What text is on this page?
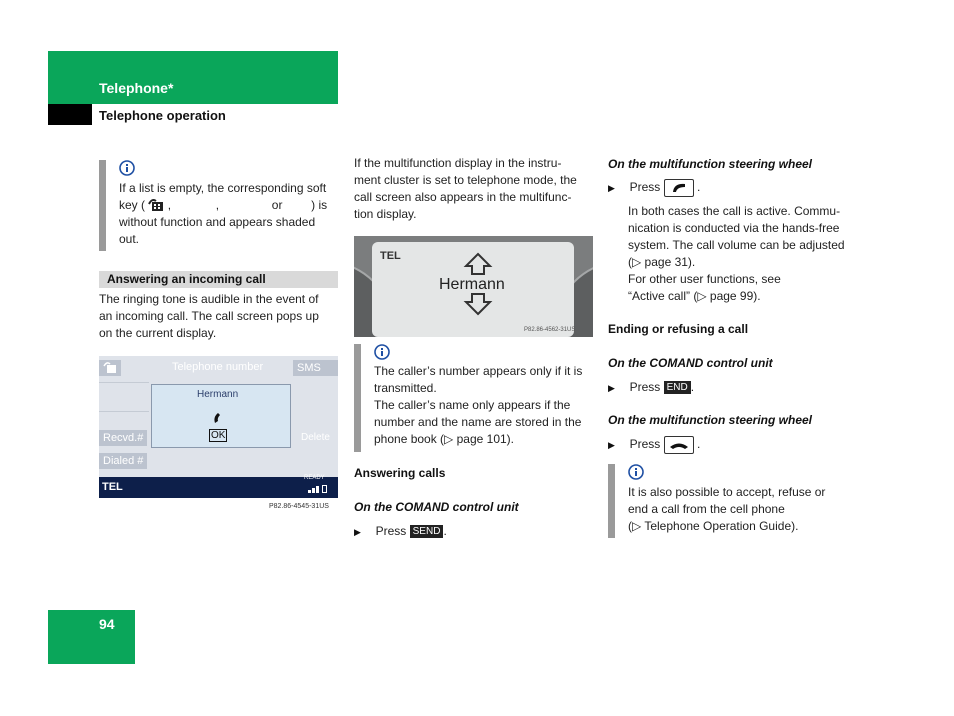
Telephone*
Telephone operation
If a list is empty, the corresponding soft
key ( ,	,	or ) is
without function and appears shaded
out.
Answering an incoming call
The ringing tone is audible in the event of
an incoming call. The call screen pops up
on the current display.
Telephone number	SMS
Recvd.#
Dialed #
Delete
Hermann
OK
TEL
READY
P82.86-4545-31US
If the multifunction display in the instru-
ment cluster is set to telephone mode, the
call screen also appears in the multifunc-
tion display.
TEL
Hermann
P82.86-4562-31US
The caller’s number appears only if it is
transmitted.
The caller’s name only appears if the
number and the name are stored in the
phone book (▷ page 101).
Answering calls
On the COMAND control unit
▶ Press SEND .
On the multifunction steering wheel
▶ Press	.
In both cases the call is active. Commu-
nication is conducted via the hands-free
system. The call volume can be adjusted
(▷ page 31).
For other user functions, see
“Active call” (▷ page 99).
Ending or refusing a call
On the COMAND control unit
▶ Press END .
On the multifunction steering wheel
▶ Press	.
It is also possible to accept, refuse or
end a call from the cell phone
(▷ Telephone Operation Guide).
94
